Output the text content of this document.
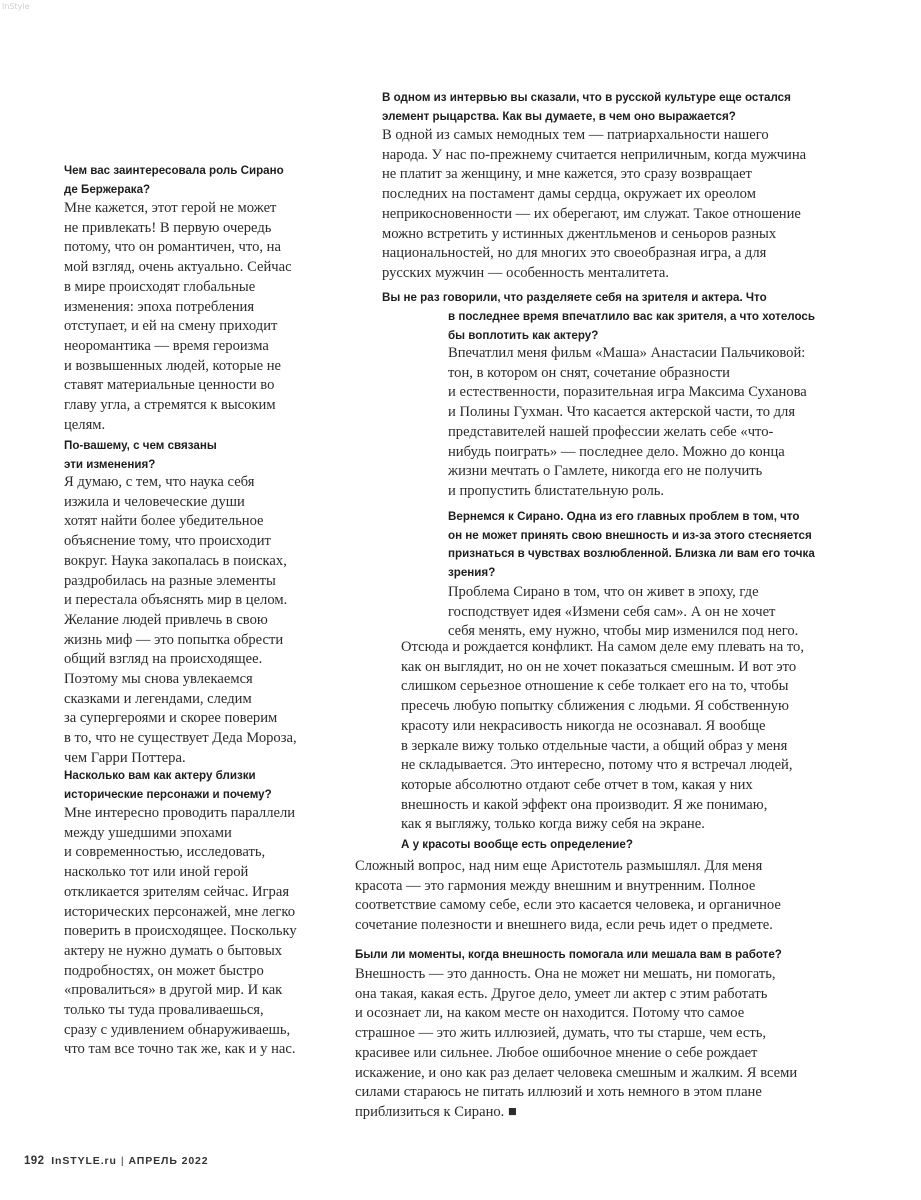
InStyle
Чем вас заинтересовала роль Сирано
де Бержерака?
Мне кажется, этот герой не может
не привлекать! В первую очередь
потому, что он романтичен, что, на
мой взгляд, очень актуально. Сейчас
в мире происходят глобальные
изменения: эпоха потребления
отступает, и ей на смену приходит
неоромантика — время героизма
и возвышенных людей, которые не
ставят материальные ценности во
главу угла, а стремятся к высоким
целям.
По-вашему, с чем связаны
эти изменения?
Я думаю, с тем, что наука себя
изжила и человеческие души
хотят найти более убедительное
объяснение тому, что происходит
вокруг. Наука закопалась в поисках,
раздробилась на разные элементы
и перестала объяснять мир в целом.
Желание людей привлечь в свою
жизнь миф — это попытка обрести
общий взгляд на происходящее.
Поэтому мы снова увлекаемся
сказками и легендами, следим
за супергероями и скорее поверим
в то, что не существует Деда Мороза,
чем Гарри Поттера.
Насколько вам как актеру близки
исторические персонажи и почему?
Мне интересно проводить параллели
между ушедшими эпохами
и современностью, исследовать,
насколько тот или иной герой
откликается зрителям сейчас. Играя
исторических персонажей, мне легко
поверить в происходящее. Поскольку
актеру не нужно думать о бытовых
подробностях, он может быстро
«провалиться» в другой мир. И как
только ты туда проваливаешься,
сразу с удивлением обнаруживаешь,
что там все точно так же, как и у нас.
В одном из интервью вы сказали, что в русской культуре еще остался
элемент рыцарства. Как вы думаете, в чем оно выражается?
В одной из самых немодных тем — патриархальности нашего
народа. У нас по-прежнему считается неприличным, когда мужчина
не платит за женщину, и мне кажется, это сразу возвращает
последних на постамент дамы сердца, окружает их ореолом
неприкосновенности — их оберегают, им служат. Такое отношение
можно встретить у истинных джентльменов и сеньоров разных
национальностей, но для многих это своеобразная игра, а для
русских мужчин — особенность менталитета.
Вы не раз говорили, что разделяете себя на зрителя и актера. Что
в последнее время впечатлило вас как зрителя, а что хотелось
бы воплотить как актеру?
Впечатлил меня фильм «Маша» Анастасии Пальчиковой:
тон, в котором он снят, сочетание образности
и естественности, поразительная игра Максима Суханова
и Полины Гухман. Что касается актерской части, то для
представителей нашей профессии желать себе «что-
нибудь поиграть» — последнее дело. Можно до конца
жизни мечтать о Гамлете, никогда его не получить
и пропустить блистательную роль.
Вернемся к Сирано. Одна из его главных проблем в том, что
он не может принять свою внешность и из-за этого стесняется
признаться в чувствах возлюбленной. Близка ли вам его точка
зрения?
Проблема Сирано в том, что он живет в эпоху, где
господствует идея «Измени себя сам». А он не хочет
себя менять, ему нужно, чтобы мир изменился под него.
Отсюда и рождается конфликт. На самом деле ему плевать на то,
как он выглядит, но он не хочет показаться смешным. И вот это
слишком серьезное отношение к себе толкает его на то, чтобы
пресечь любую попытку сближения с людьми. Я собственную
красоту или некрасивость никогда не осознавал. Я вообще
в зеркале вижу только отдельные части, а общий образ у меня
не складывается. Это интересно, потому что я встречал людей,
которые абсолютно отдают себе отчет в том, какая у них
внешность и какой эффект она производит. Я же понимаю,
как я выгляжу, только когда вижу себя на экране.
А у красоты вообще есть определение?
Сложный вопрос, над ним еще Аристотель размышлял. Для меня
красота — это гармония между внешним и внутренним. Полное
соответствие самому себе, если это касается человека, и органичное
сочетание полезности и внешнего вида, если речь идет о предмете.
Были ли моменты, когда внешность помогала или мешала вам в работе?
Внешность — это данность. Она не может ни мешать, ни помогать,
она такая, какая есть. Другое дело, умеет ли актер с этим работать
и осознает ли, на каком месте он находится. Потому что самое
страшное — это жить иллюзией, думать, что ты старше, чем есть,
красивее или сильнее. Любое ошибочное мнение о себе рождает
искажение, и оно как раз делает человека смешным и жалким. Я всеми
силами стараюсь не питать иллюзий и хоть немного в этом плане
приблизиться к Сирано. ■
192 InSTYLE.ru | АПРЕЛЬ 2022
